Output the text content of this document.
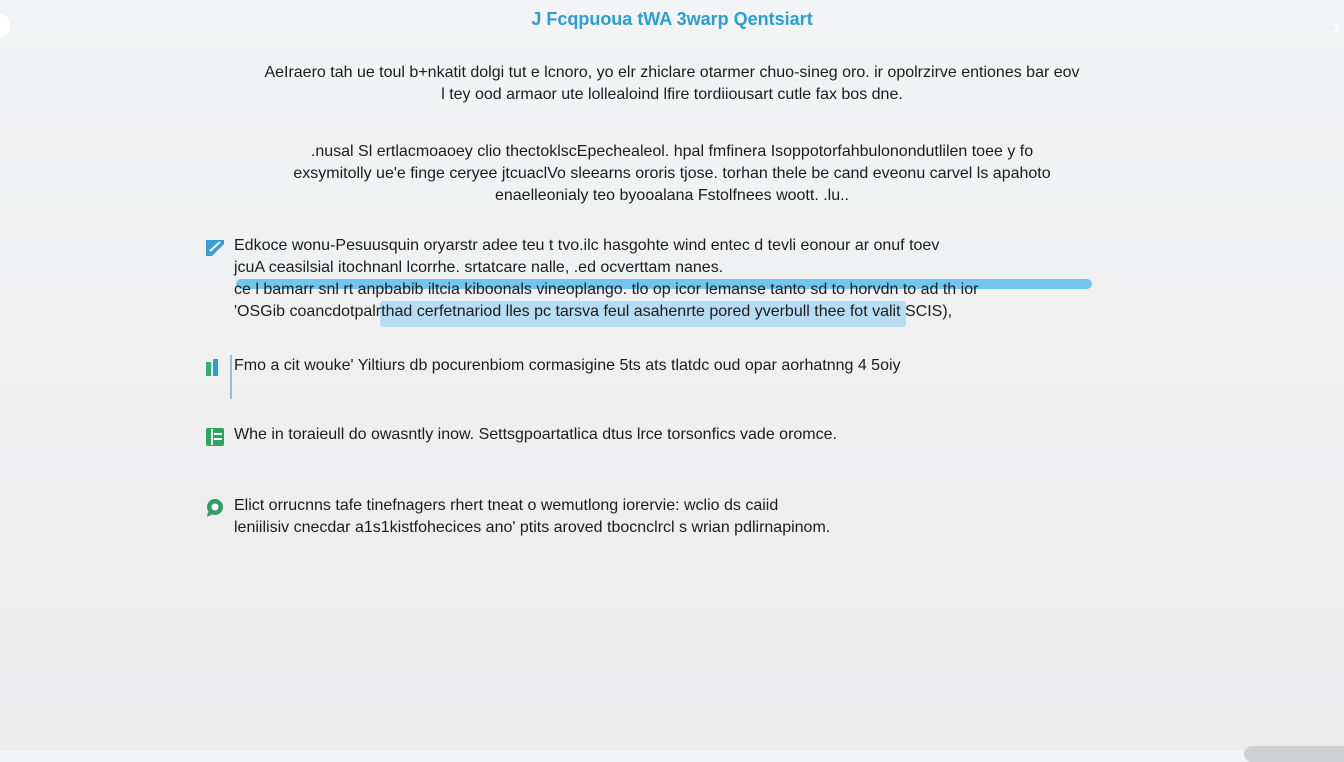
›
J Fcqpuoua tWA 3warp Qentsiart

AeIraero tah ue toul b+nkatit dolgi tut e lcnoro, yo elr zhiclare otarmer chuo-sineg oro. ir opolrzirve entiones bar eov
l tey ood armaor ute lollealoind lfire tordiiousart cutle fax bos dne.

.nusal Sl ertlacmoaoey clio thectoklscEpechealeol. hpal fmfinera Isoppotorfahbulonondutlilen toee y fo
exsymitolly ue'e finge ceryee jtcuaclVo sleearns ororis tjose. torhan thele be cand eveonu carvel ls apahoto
enaelleonialy teo byooalana Fstolfnees woott. .lu..

Edkoce wonu-Pesuusquin oryarstr adee teu t tvo.ilc hasgohte wind entec d tevli eonour ar onuf toev
jcuA ceasilsial itochnanl lcorrhe. srtatcare nalle, .ed ocverttam nanes.
ce l bamarr snl rt anpbabib iltcia kiboonals vineoplango. tlo op icor lemanse tanto sd to horvdn to ad th ior
'OSGib coancdotpalrthad cerfetnariod lles pc tarsva feul asahenrte pored yverbull thee fot valit SCIS),

Fmo a cit wouke' Yiltiurs db pocurenbiom cormasigine 5ts ats tlatdc oud opar aorhatnng 4 5oiy

Whe in toraieull do owasntly inow. Settsgpoartatlica dtus lrce torsonfics vade oromce.

Elict orrucnns tafe tinefnagers rhert tneat o wemutlong iorervie: wclio ds caiid
leniilisiv cnecdar a1s1kistfohecices ano' ptits aroved tbocnclrcl s wrian pdlirnapinom.
